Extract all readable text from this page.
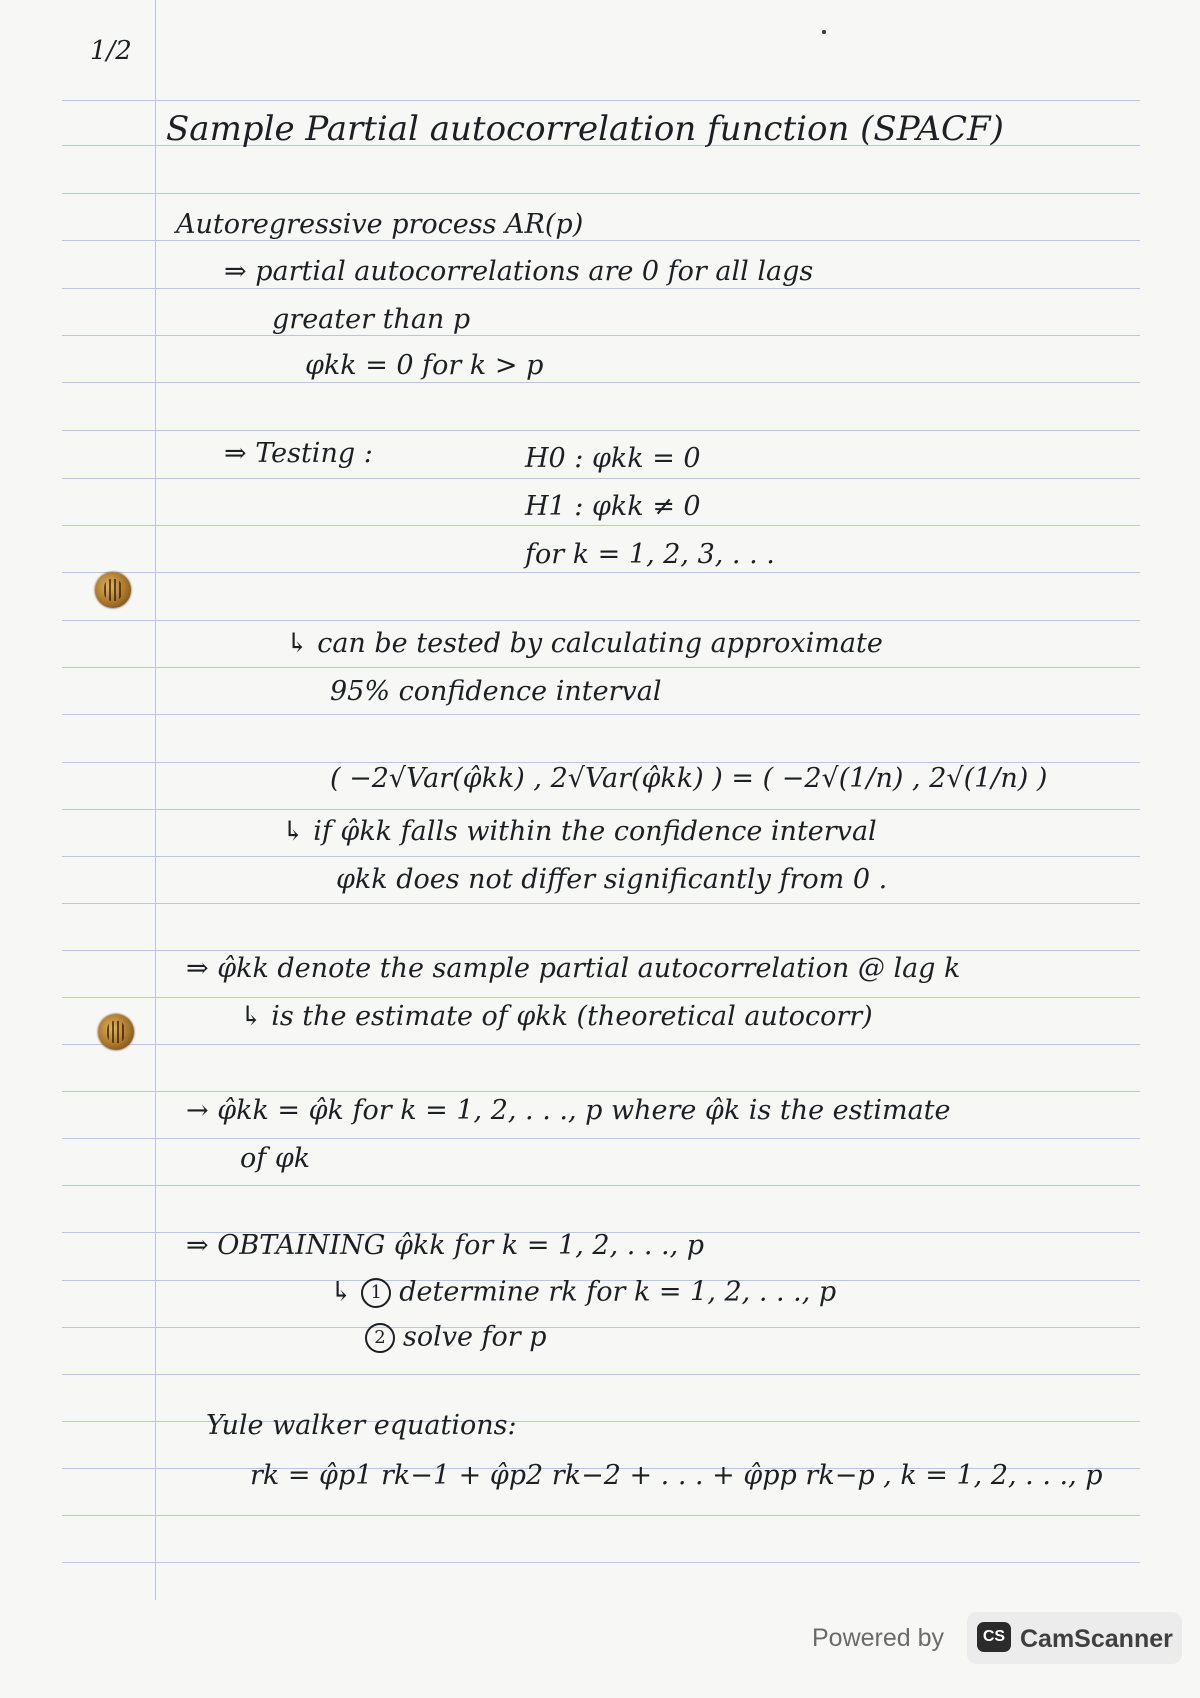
1/2
Sample Partial autocorrelation function (SPACF)
Autoregressive process AR(p)
⇒ partial autocorrelations are 0 for all lags
greater than p
φkk = 0 for k > p
⇒ Testing :	H0 : φkk = 0
H1 : φkk ≠ 0
for k = 1, 2, 3, . . .
↳ can be tested by calculating approximate
95% confidence interval
( −2√Var(φ̂kk) , 2√Var(φ̂kk) ) = ( −2√(1/n) , 2√(1/n) )
↳ if φ̂kk falls within the confidence interval
φkk does not differ significantly from 0 .
⇒ φ̂kk denote the sample partial autocorrelation @ lag k
↳ is the estimate of φkk (theoretical autocorr)
→ φ̂kk = φ̂k for k = 1, 2, . . ., p where φ̂k is the estimate
of φk
⇒ OBTAINING φ̂kk for k = 1, 2, . . ., p
↳ 1 determine rk for k = 1, 2, . . ., p
2 solve for p
Yule walker equations:
rk = φ̂p1 rk−1 + φ̂p2 rk−2 + . . . + φ̂pp rk−p , k = 1, 2, . . ., p
Powered by	CS CamScanner
